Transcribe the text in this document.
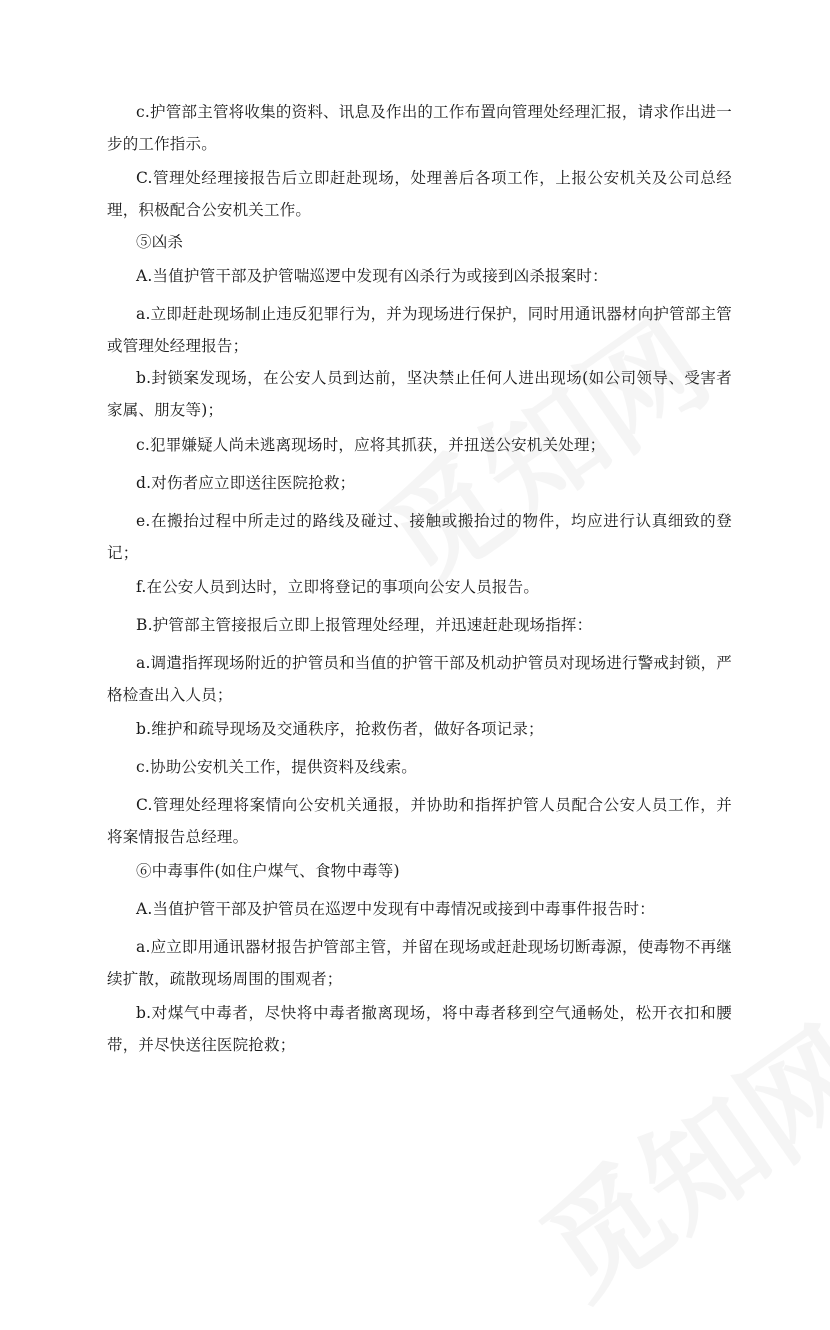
c.护管部主管将收集的资料、讯息及作出的工作布置向管理处经理汇报，请求作出进一步的工作指示。

C.管理处经理接报告后立即赶赴现场，处理善后各项工作，上报公安机关及公司总经理，积极配合公安机关工作。

⑤凶杀

A.当值护管干部及护管喘巡逻中发现有凶杀行为或接到凶杀报案时：

a.立即赶赴现场制止违反犯罪行为，并为现场进行保护，同时用通讯器材向护管部主管或管理处经理报告；

b.封锁案发现场，在公安人员到达前，坚决禁止任何人进出现场(如公司领导、受害者家属、朋友等)；

c.犯罪嫌疑人尚未逃离现场时，应将其抓获，并扭送公安机关处理；

d.对伤者应立即送往医院抢救；

e.在搬抬过程中所走过的路线及碰过、接触或搬抬过的物件，均应进行认真细致的登记；

f.在公安人员到达时，立即将登记的事项向公安人员报告。

B.护管部主管接报后立即上报管理处经理，并迅速赶赴现场指挥：

a.调遣指挥现场附近的护管员和当值的护管干部及机动护管员对现场进行警戒封锁，严格检查出入人员；

b.维护和疏导现场及交通秩序，抢救伤者，做好各项记录；

c.协助公安机关工作，提供资料及线索。

C.管理处经理将案情向公安机关通报，并协助和指挥护管人员配合公安人员工作，并将案情报告总经理。

⑥中毒事件(如住户煤气、食物中毒等)

A.当值护管干部及护管员在巡逻中发现有中毒情况或接到中毒事件报告时：

a.应立即用通讯器材报告护管部主管，并留在现场或赶赴现场切断毒源，使毒物不再继续扩散，疏散现场周围的围观者；

b.对煤气中毒者，尽快将中毒者撤离现场，将中毒者移到空气通畅处，松开衣扣和腰带，并尽快送往医院抢救；
